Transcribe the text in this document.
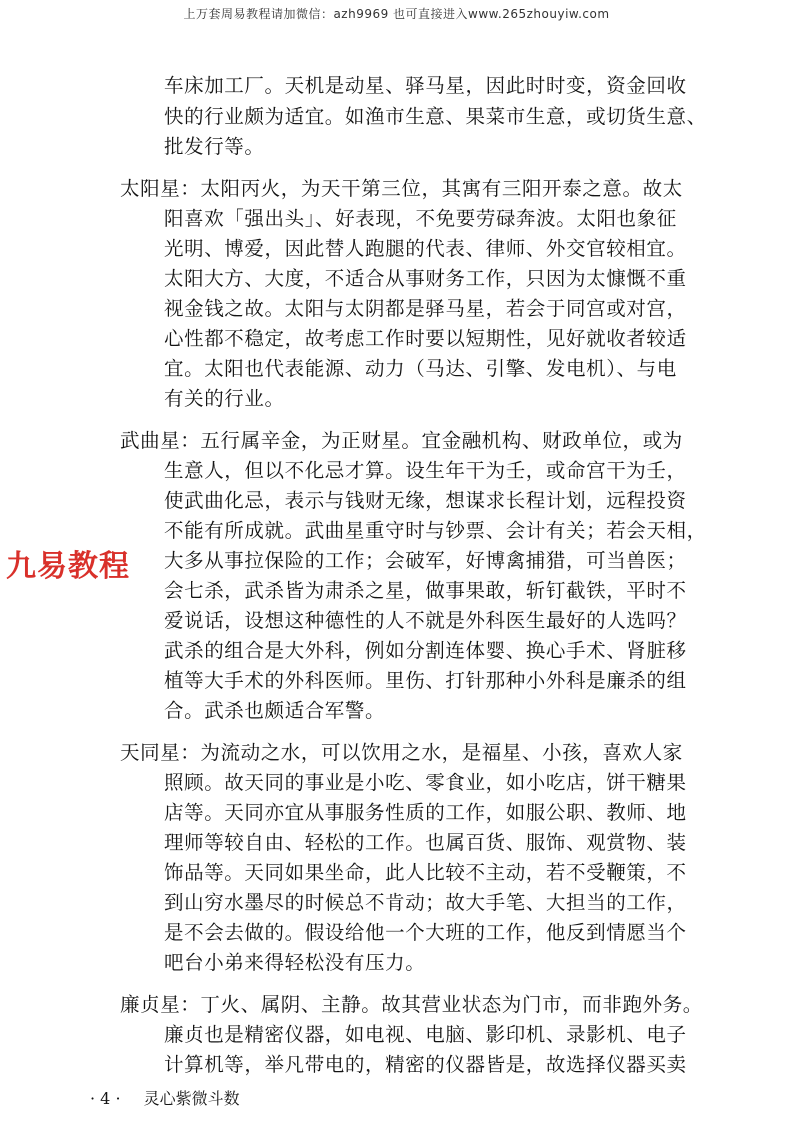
上万套周易教程请加微信：azh9969 也可直接进入www.265zhouyiw.com
车床加工厂。天机是动星、驿马星，因此时时变，资金回收
快的行业颇为适宜。如渔市生意、果菜市生意，或切货生意、
批发行等。
太阳星：太阳丙火，为天干第三位，其寓有三阳开泰之意。故太
阳喜欢「强出头」、好表现，不免要劳碌奔波。太阳也象征
光明、博爱，因此替人跑腿的代表、律师、外交官较相宜。
太阳大方、大度，不适合从事财务工作，只因为太慷慨不重
视金钱之故。太阳与太阴都是驿马星，若会于同宫或对宫，
心性都不稳定，故考虑工作时要以短期性，见好就收者较适
宜。太阳也代表能源、动力（马达、引擎、发电机）、与电
有关的行业。
武曲星：五行属辛金，为正财星。宜金融机构、财政单位，或为
生意人，但以不化忌才算。设生年干为壬，或命宫干为壬，
使武曲化忌，表示与钱财无缘，想谋求长程计划，远程投资
不能有所成就。武曲星重守时与钞票、会计有关；若会天相，
大多从事拉保险的工作；会破军，好博禽捕猎，可当兽医；
会七杀，武杀皆为肃杀之星，做事果敢，斩钉截铁，平时不
爱说话，设想这种德性的人不就是外科医生最好的人选吗？
武杀的组合是大外科，例如分割连体婴、换心手术、肾脏移
植等大手术的外科医师。里伤、打针那种小外科是廉杀的组
合。武杀也颇适合军警。
天同星：为流动之水，可以饮用之水，是福星、小孩，喜欢人家
照顾。故天同的事业是小吃、零食业，如小吃店，饼干糖果
店等。天同亦宜从事服务性质的工作，如服公职、教师、地
理师等较自由、轻松的工作。也属百货、服饰、观赏物、装
饰品等。天同如果坐命，此人比较不主动，若不受鞭策，不
到山穷水墨尽的时候总不肯动；故大手笔、大担当的工作，
是不会去做的。假设给他一个大班的工作，他反到情愿当个
吧台小弟来得轻松没有压力。
廉贞星：丁火、属阴、主静。故其营业状态为门市，而非跑外务。
廉贞也是精密仪器，如电视、电脑、影印机、录影机、电子
计算机等，举凡带电的，精密的仪器皆是，故选择仪器买卖
九易教程
· 4 · 灵心紫微斗数
